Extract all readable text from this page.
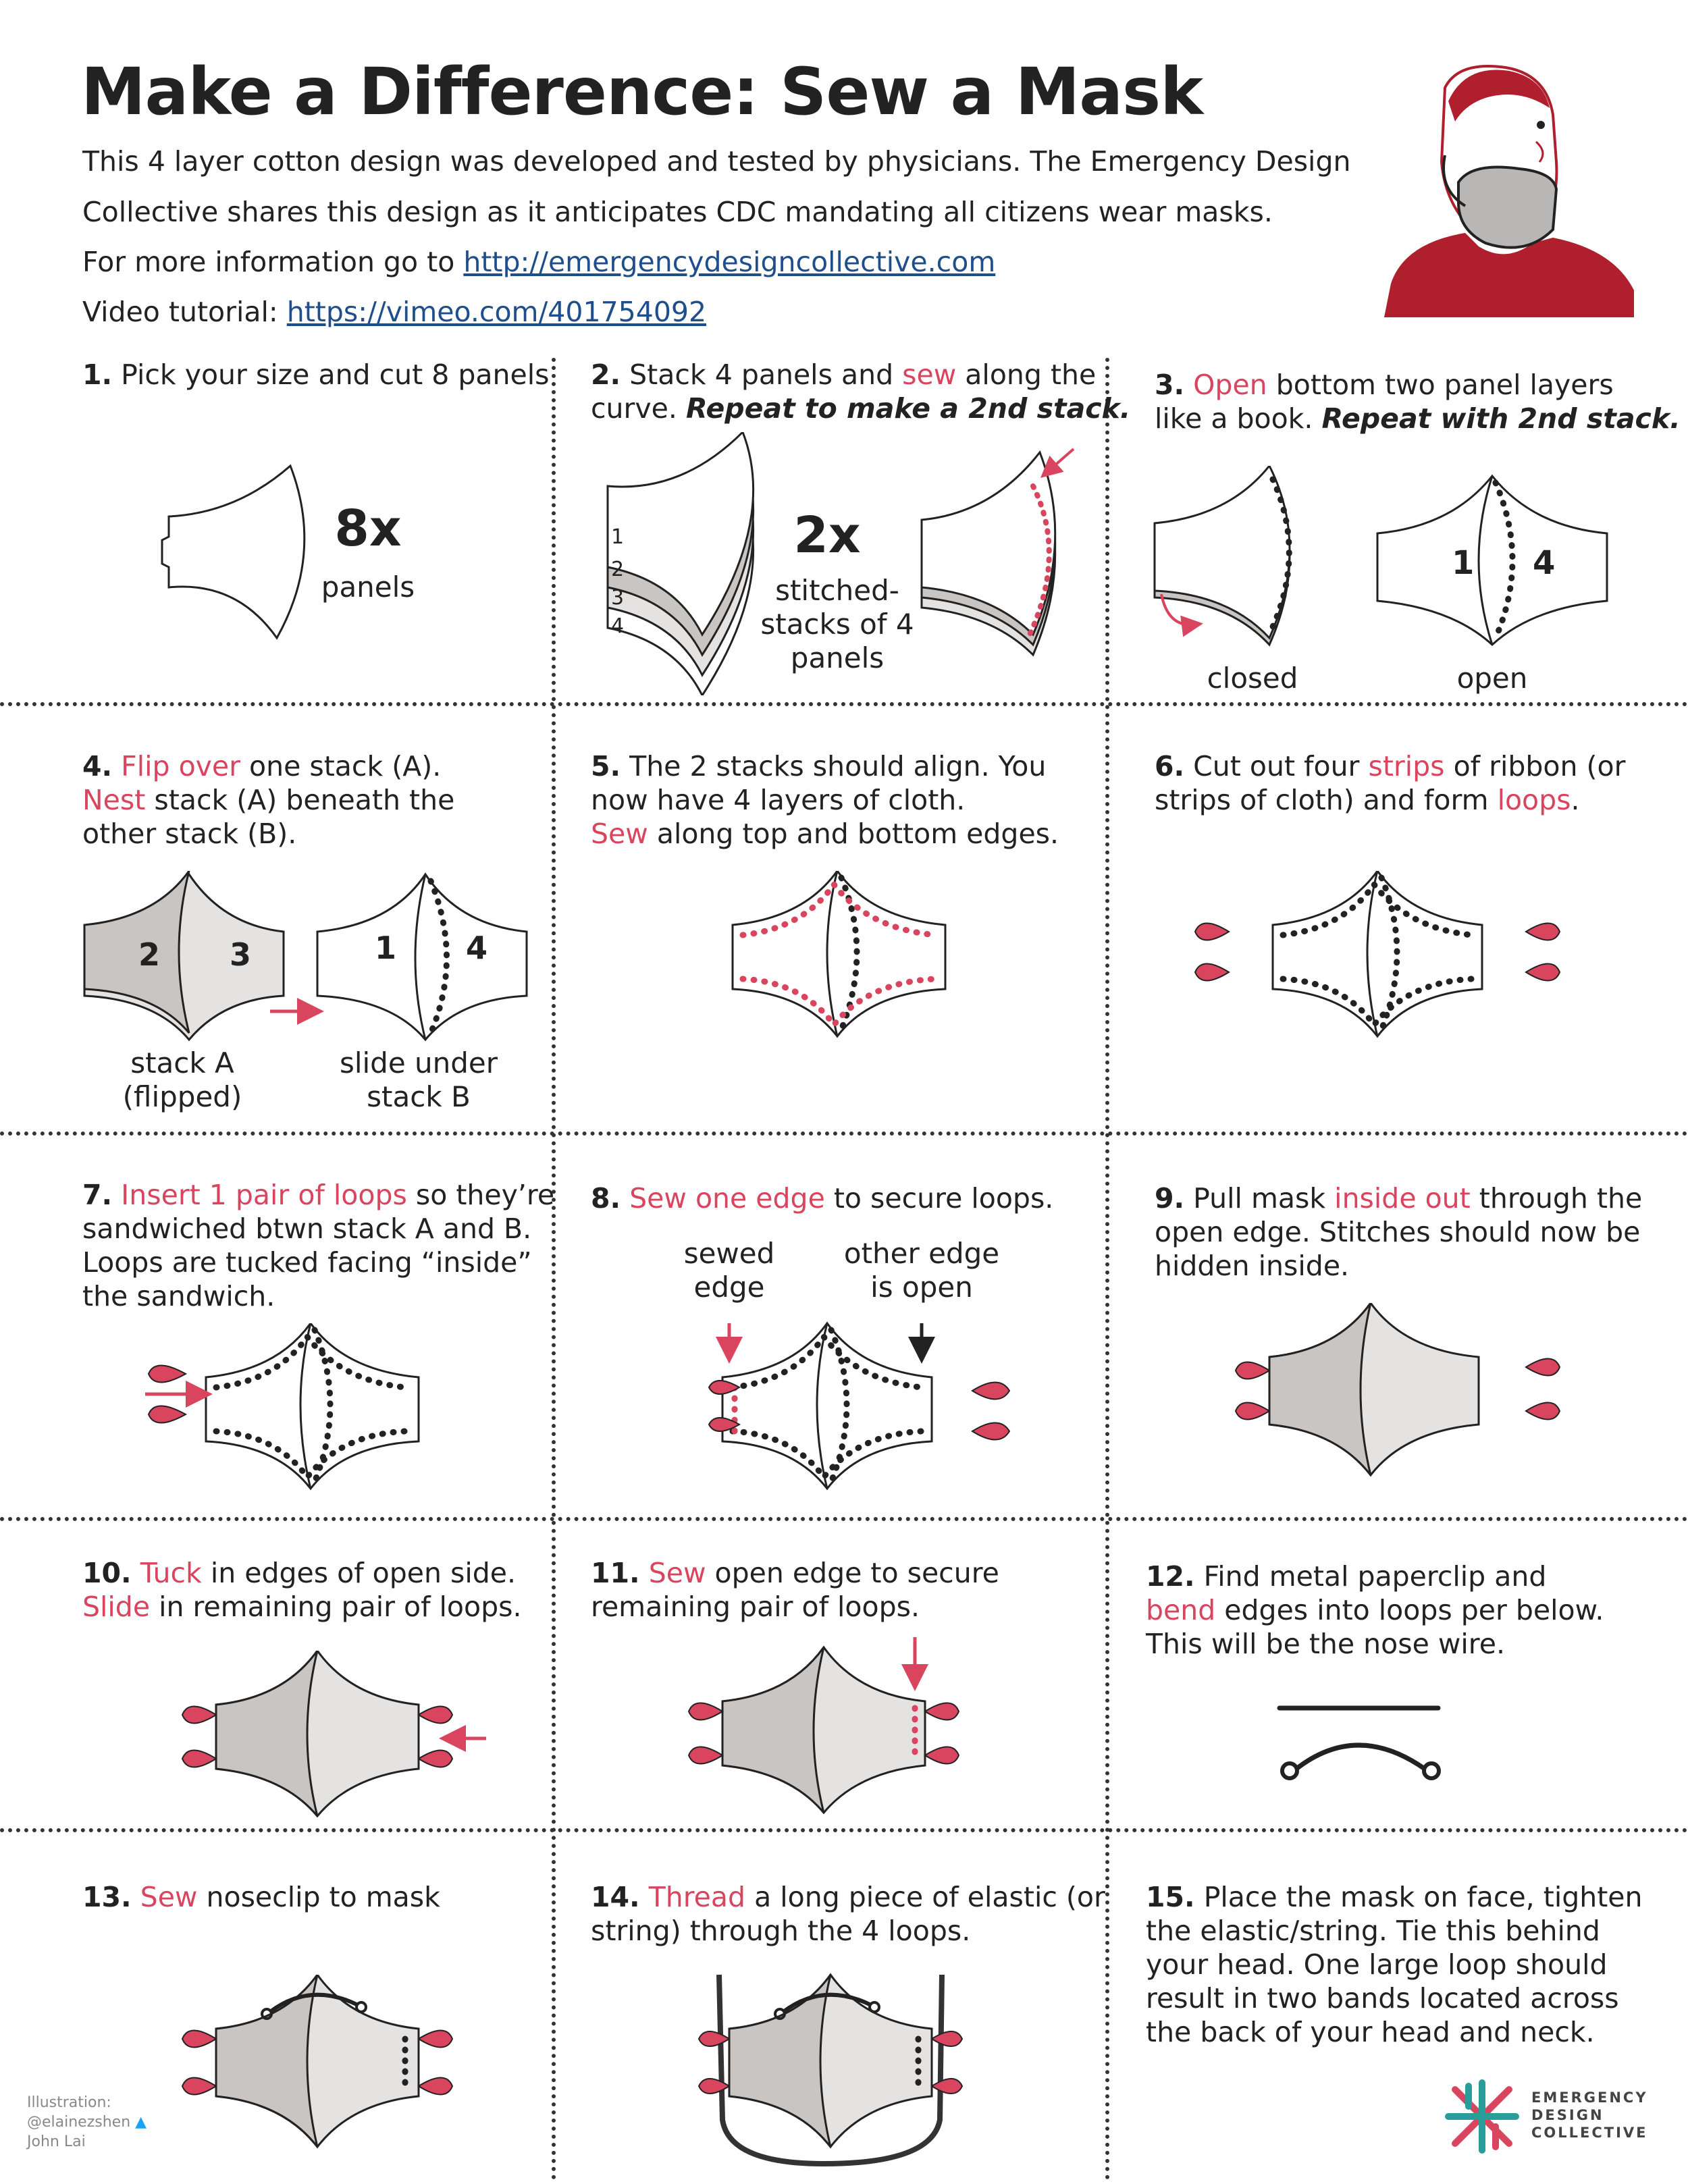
Make a Difference: Sew a Mask
This 4 layer cotton design was developed and tested by physicians. The Emergency Design
Collective shares this design as it anticipates CDC mandating all citizens wear masks.
For more information go to http://emergencydesigncollective.com
Video tutorial: https://vimeo.com/401754092
1. Pick your size and cut 8 panels
8x
panels
2. Stack 4 panels and sew along the
curve. Repeat to make a 2nd stack.
1
2
3
4
2x
stitched-
stacks of 4
panels
3. Open bottom two panel layers
like a book. Repeat with 2nd stack.
closed
1 4
open
4. Flip over one stack (A).
Nest stack (A) beneath the
other stack (B).
2 3	1 4
stack A
(flipped)
slide under
stack B
5. The 2 stacks should align. You
now have 4 layers of cloth.
Sew along top and bottom edges.
6. Cut out four strips of ribbon (or
strips of cloth) and form loops.
7. Insert 1 pair of loops so they’re
sandwiched btwn stack A and B.
Loops are tucked facing “inside”
the sandwich.
8. Sew one edge to secure loops.
sewed
edge
other edge
is open
9. Pull mask inside out through the
open edge. Stitches should now be
hidden inside.
10. Tuck in edges of open side.
Slide in remaining pair of loops.
11. Sew open edge to secure
remaining pair of loops.
12. Find metal paperclip and
bend edges into loops per below.
This will be the nose wire.
13. Sew noseclip to mask	14. Thread a long piece of elastic (or
string) through the 4 loops.
15. Place the mask on face, tighten
the elastic/string. Tie this behind
your head. One large loop should
result in two bands located across
the back of your head and neck.
Illustration:
@elainezshen ▲
John Lai
EMERGENCY
DESIGN
COLLECTIVE
